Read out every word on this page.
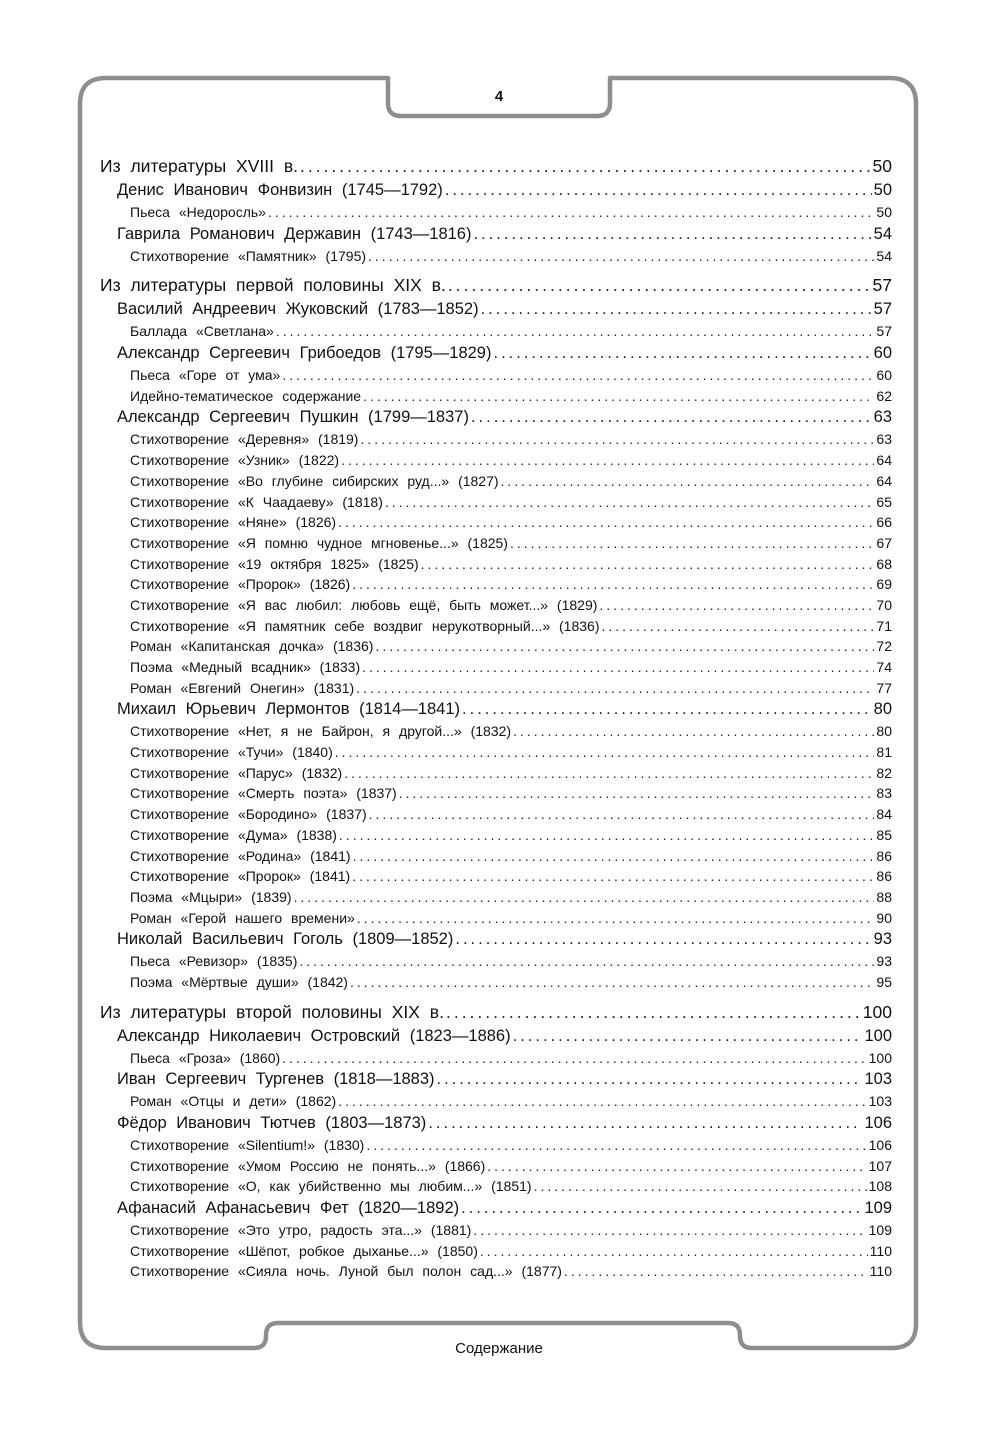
4
Из литературы XVIII в. .....	50
Денис Иванович Фонвизин (1745—1792) .....	50
Пьеса «Недоросль» .....	50
Гаврила Романович Державин (1743—1816) .....	54
Стихотворение «Памятник» (1795) .....	54
Из литературы первой половины XIX в. .....	57
Василий Андреевич Жуковский (1783—1852) .....	57
Баллада «Светлана» .....	57
Александр Сергеевич Грибоедов (1795—1829) .....	60
Пьеса «Горе от ума» .....	60
Идейно-тематическое содержание .....	62
Александр Сергеевич Пушкин (1799—1837) .....	63
Стихотворение «Деревня» (1819) .....	63
Стихотворение «Узник» (1822) .....	64
Стихотворение «Во глубине сибирских руд...» (1827) .....	64
Стихотворение «К Чаадаеву» (1818) .....	65
Стихотворение «Няне» (1826) .....	66
Стихотворение «Я помню чудное мгновенье...» (1825) .....	67
Стихотворение «19 октября 1825» (1825) .....	68
Стихотворение «Пророк» (1826) .....	69
Стихотворение «Я вас любил: любовь ещё, быть может...» (1829) .....	70
Стихотворение «Я памятник себе воздвиг нерукотворный...» (1836) .....	71
Роман «Капитанская дочка» (1836) .....	72
Поэма «Медный всадник» (1833) .....	74
Роман «Евгений Онегин» (1831) .....	77
Михаил Юрьевич Лермонтов (1814—1841) .....	80
Стихотворение «Нет, я не Байрон, я другой...» (1832) .....	80
Стихотворение «Тучи» (1840) .....	81
Стихотворение «Парус» (1832) .....	82
Стихотворение «Смерть поэта» (1837) .....	83
Стихотворение «Бородино» (1837) .....	84
Стихотворение «Дума» (1838) .....	85
Стихотворение «Родина» (1841) .....	86
Стихотворение «Пророк» (1841) .....	86
Поэма «Мцыри» (1839) .....	88
Роман «Герой нашего времени» .....	90
Николай Васильевич Гоголь (1809—1852) .....	93
Пьеса «Ревизор» (1835) .....	93
Поэма «Мёртвые души» (1842) .....	95
Из литературы второй половины XIX в. .....	100
Александр Николаевич Островский (1823—1886) .....	100
Пьеса «Гроза» (1860) .....	100
Иван Сергеевич Тургенев (1818—1883) .....	103
Роман «Отцы и дети» (1862) .....	103
Фёдор Иванович Тютчев (1803—1873) .....	106
Стихотворение «Silentium!» (1830) .....	106
Стихотворение «Умом Россию не понять...» (1866) .....	107
Стихотворение «О, как убийственно мы любим...» (1851) .....	108
Афанасий Афанасьевич Фет (1820—1892) .....	109
Стихотворение «Это утро, радость эта...» (1881) .....	109
Стихотворение «Шёпот, робкое дыханье...» (1850) .....	110
Стихотворение «Сияла ночь. Луной был полон сад...» (1877) .....	110
Содержание
